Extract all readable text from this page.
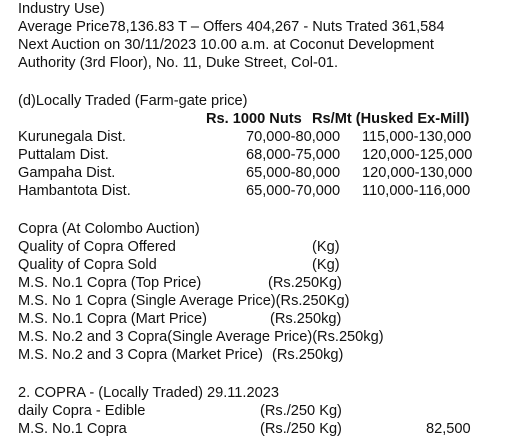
Industry Use)
Average Price78,136.83 T – Offers 404,267 - Nuts Trated 361,584
Next Auction on 30/11/2023 10.00 a.m. at Coconut Development
Authority (3rd Floor), No. 11, Duke Street, Col-01.
(d)Locally Traded (Farm-gate price)
Rs. 1000 Nuts Rs/Mt (Husked Ex-Mill)
Kurunegala Dist.	70,000-80,000 115,000-130,000
Puttalam Dist.	68,000-75,000 120,000-125,000
Gampaha Dist.	65,000-80,000 120,000-130,000
Hambantota Dist.	65,000-70,000 110,000-116,000
Copra (At Colombo Auction)
Quality of Copra Offered	(Kg)
Quality of Copra Sold	(Kg)
M.S. No.1 Copra (Top Price)	(Rs.250Kg)
M.S. No 1 Copra (Single Average Price)(Rs.250Kg)
M.S. No.1 Copra (Mart Price)	(Rs.250kg)
M.S. No.2 and 3 Copra(Single Average Price)(Rs.250kg)
M.S. No.2 and 3 Copra (Market Price) (Rs.250kg)
2. COPRA - (Locally Traded) 29.11.2023
daily Copra - Edible	(Rs./250 Kg)
M.S. No.1 Copra	(Rs./250 Kg)	82,500
